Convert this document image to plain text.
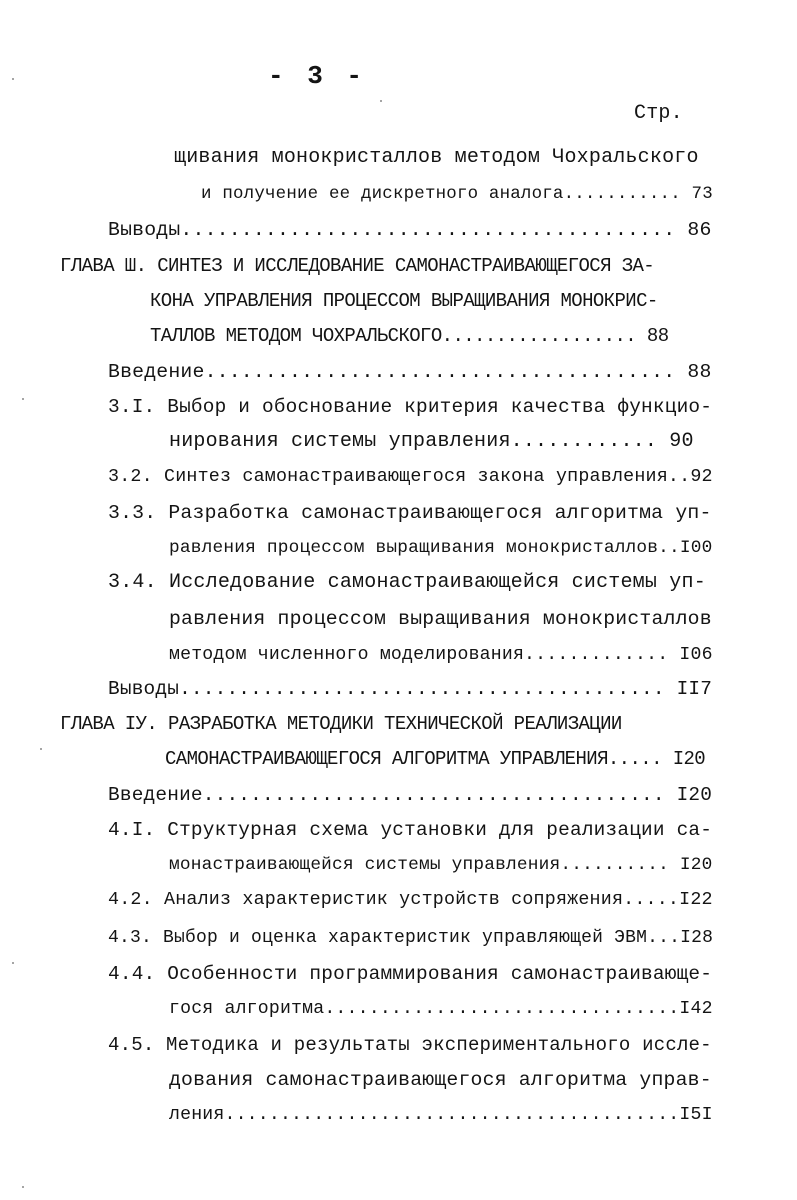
- 3 -
Стр.
щивания монокристаллов методом Чохральского
и получение ее дискретного аналога........... 73
Выводы......................................... 86
ГЛАВА Ш. СИНТЕЗ И ИССЛЕДОВАНИЕ САМОНАСТРАИВАЮЩЕГОСЯ ЗА-
КОНА УПРАВЛЕНИЯ ПРОЦЕССОМ ВЫРАЩИВАНИЯ МОНОКРИС-
ТАЛЛОВ МЕТОДОМ ЧОХРАЛЬСКОГО.................. 88
Введение....................................... 88
3.I. Выбор и обоснование критерия качества функцио-
нирования системы управления............ 90
3.2. Синтез самонастраивающегося закона управления..92
3.3. Разработка самонастраивающегося алгоритма уп-
равления процессом выращивания монокристаллов..I00
3.4. Исследование самонастраивающейся системы уп-
равления процессом выращивания монокристаллов
методом численного моделирования............. I06
Выводы......................................... II7
ГЛАВА IУ. РАЗРАБОТКА МЕТОДИКИ ТЕХНИЧЕСКОЙ РЕАЛИЗАЦИИ
САМОНАСТРАИВАЮЩЕГОСЯ АЛГОРИТМА УПРАВЛЕНИЯ..... I20
Введение....................................... I20
4.I. Структурная схема установки для реализации са-
монастраивающейся системы управления.......... I20
4.2. Анализ характеристик устройств сопряжения.....I22
4.3. Выбор и оценка характеристик управляющей ЭВМ...I28
4.4. Особенности программирования самонастраивающе-
гося алгоритма................................I42
4.5. Методика и результаты экспериментального иссле-
дования самонастраивающегося алгоритма управ-
ления.........................................I5I
